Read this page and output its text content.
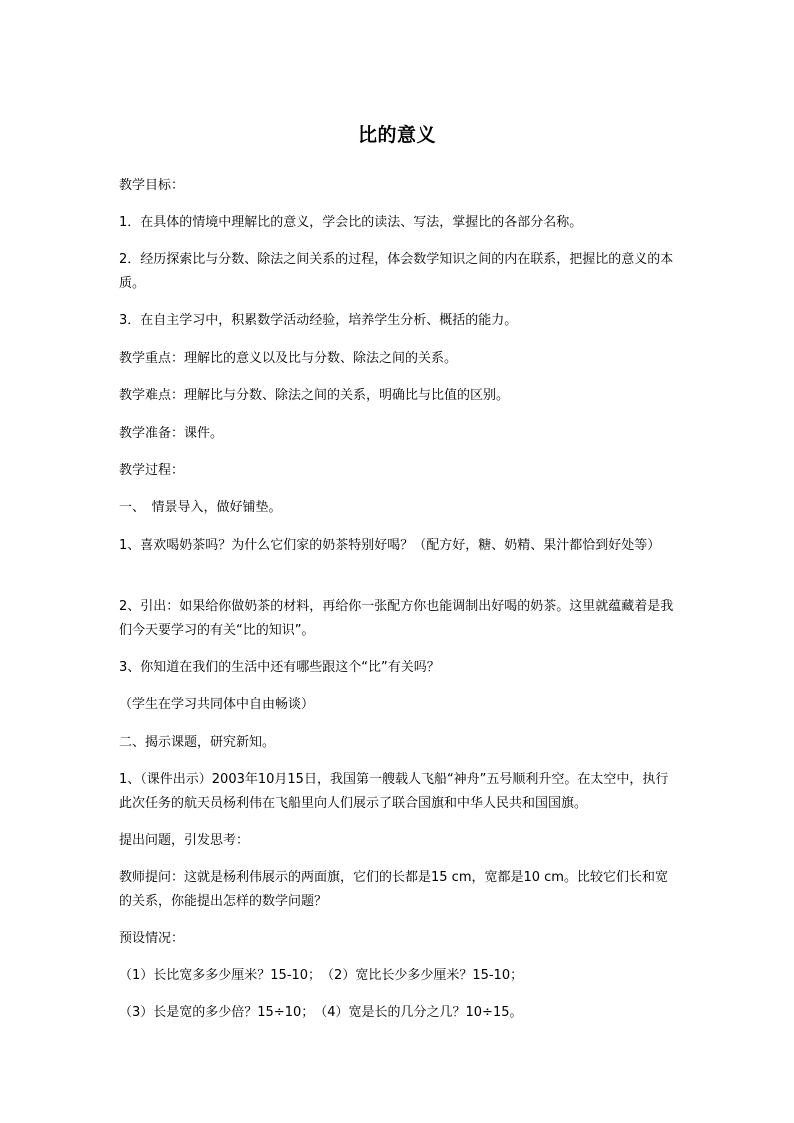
比的意义

教学目标：

1．在具体的情境中理解比的意义，学会比的读法、写法，掌握比的各部分名称。

2．经历探索比与分数、除法之间关系的过程，体会数学知识之间的内在联系，把握比的意义的本质。

3．在自主学习中，积累数学活动经验，培养学生分析、概括的能力。

教学重点：理解比的意义以及比与分数、除法之间的关系。

教学难点：理解比与分数、除法之间的关系，明确比与比值的区别。

教学准备：课件。

教学过程：

一、　情景导入，做好铺垫。

1、喜欢喝奶茶吗？为什么它们家的奶茶特别好喝？（配方好，糖、奶精、果汁都恰到好处等）

2、引出：如果给你做奶茶的材料，再给你一张配方你也能调制出好喝的奶茶。这里就蕴藏着是我们今天要学习的有关“比的知识”。

3、你知道在我们的生活中还有哪些跟这个“比”有关吗？

（学生在学习共同体中自由畅谈）

二、揭示课题，研究新知。

1、（课件出示）2003年10月15日，我国第一艘载人飞船“神舟”五号顺利升空。在太空中，执行此次任务的航天员杨利伟在飞船里向人们展示了联合国旗和中华人民共和国国旗。

提出问题，引发思考：

教师提问：这就是杨利伟展示的两面旗，它们的长都是15 cm，宽都是10 cm。比较它们长和宽的关系，你能提出怎样的数学问题？

预设情况：

（1）长比宽多多少厘米？15-10；　（2）宽比长少多少厘米？15-10；

（3）长是宽的多少倍？15÷10；　（4）宽是长的几分之几？10÷15。
